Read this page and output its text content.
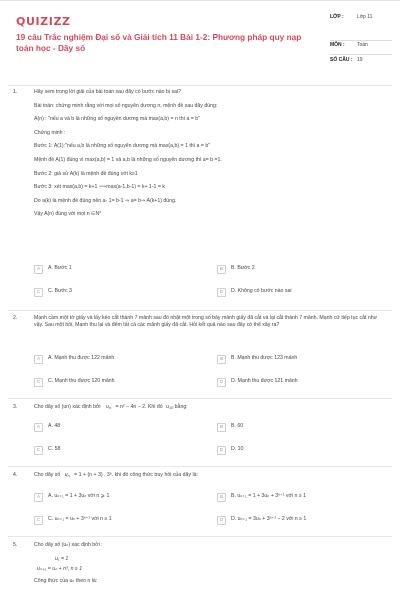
QUIZIZZ
19 câu Trắc nghiệm Đại số và Giải tích 11 Bài 1-2: Phương pháp quy nạp toán học - Dãy số
LỚP :	Lớp 11
MÔN :	Toán
SỐ CÂU : 19
1.	Hãy xem trong lời giải của bài toán sau đây có bước nào bị sai?
Bài toán: chứng minh rằng với mọi số nguyên dương n, mệnh đề sau đây đúng:
A(n) : "nếu a và b là những số nguyên dương mà max(a,b) = n thì a = b"
Chứng minh :
Bước 1: A(1):"nếu a,b là những số nguyên dương mà max(a,b) = 1 thì a = b"
Mệnh đề A(1) đúng vì max(a,b) = 1 và a,b là những số nguyên dương thì a= b =1.
Bước 2: giả sử A(k) là mệnh đề đúng với k≥1
Bước 3: xét max(a,b) = k+1 ⟹max(a-1,b-1) = k+ 1-1 = k
Do a(k) là mệnh đề đúng nên a- 1= b-1 ⇒ a= b⇒ A(k+1) đúng.
Vậy A(n) đúng với mọi n ∈N*
A	A. Bước 1	B	B. Bước 2
C	C. Bước 3	D	D. Không có bước nào sai
2.	Mạnh cầm một tờ giấy và lấy kéo cắt thành 7 mảnh sau đó nhặt một trong số bảy mảnh giấy đã cắt và lại cắt thành 7 mảnh. Mạnh cứ tiếp tục cắt như vậy. Sau một hồi, Mạnh thu lại và đếm tất cả các mảnh giấy đã cắt. Hỏi kết quả nào sau đây có thể xảy ra?
A	A. Mạnh thu được 122 mảnh	B	B. Mạnh thu được 123 mảnh
C	C. Mạnh thu được 120 mảnh	D	D. Mạnh thu được 121 mảnh
3.	Cho dãy số (un) xác định bởi $u_n = n^2 - 4n - 2$. Khi đó $u_{10}$ bằng:
A	A. 48	B	B. 60
C	C. 58	D	D. 10
4.	Cho dãy số $u_n = 1 + (n + 3)$ . 3ⁿ. khi đó công thức truy hồi của dãy là:
A	A. uₙ₊₁ = 1 + 3uₙ với n ⩾ 1	B	B. uₙ₊₁ = 1 + 3uₙ + 3ⁿ⁺¹ với n ≥ 1
C	C. uₙ₊₁ = uₙ + 3ⁿ⁺¹ với n ≥ 1	D	D. uₙ₊₁ = 3uₙ + 3ⁿ⁺¹ − 2 với n ≥ 1
5.	Cho dãy số (uₙ) xác định bởi :
u₁ = 1
uₙ₊₁ = uₙ + n³, n ≥ 1
Công thức của uₙ theo n là:
